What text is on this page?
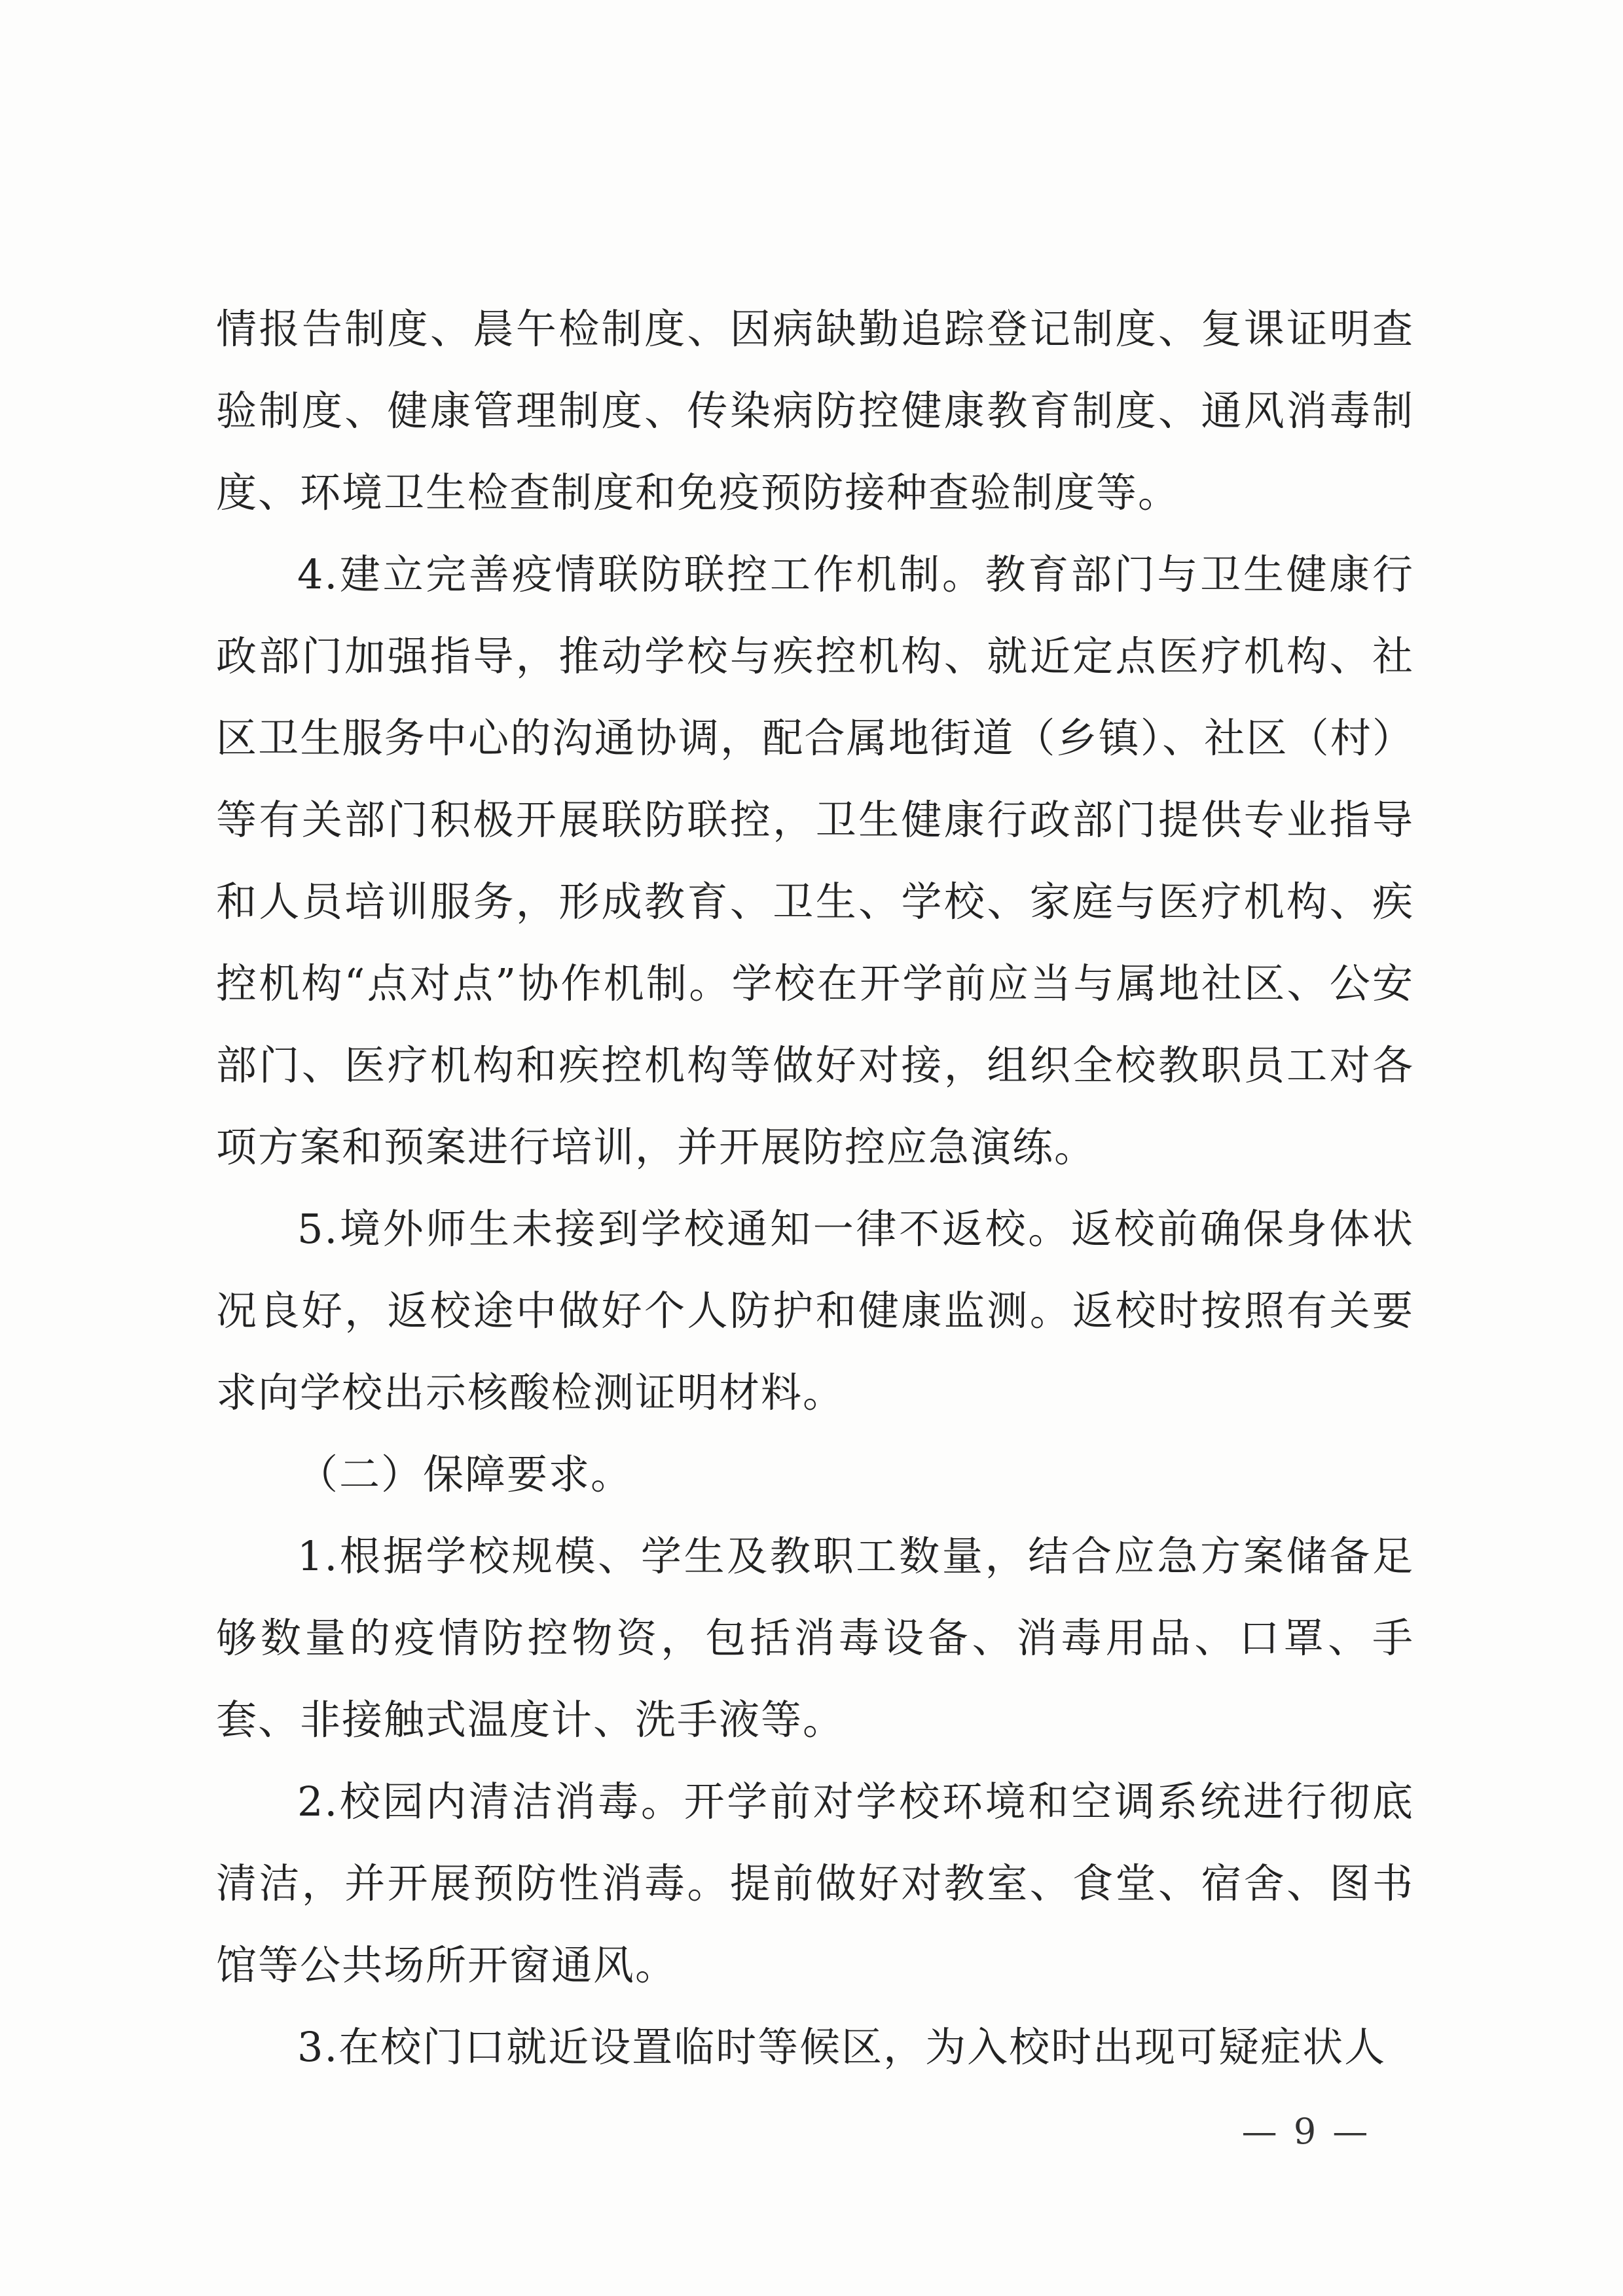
情报告制度、晨午检制度、因病缺勤追踪登记制度、复课证明查验制度、健康管理制度、传染病防控健康教育制度、通风消毒制度、环境卫生检查制度和免疫预防接种查验制度等。

4.建立完善疫情联防联控工作机制。教育部门与卫生健康行政部门加强指导，推动学校与疾控机构、就近定点医疗机构、社区卫生服务中心的沟通协调，配合属地街道（乡镇）、社区（村）等有关部门积极开展联防联控，卫生健康行政部门提供专业指导和人员培训服务，形成教育、卫生、学校、家庭与医疗机构、疾控机构“点对点”协作机制。学校在开学前应当与属地社区、公安部门、医疗机构和疾控机构等做好对接，组织全校教职员工对各项方案和预案进行培训，并开展防控应急演练。

5.境外师生未接到学校通知一律不返校。返校前确保身体状况良好，返校途中做好个人防护和健康监测。返校时按照有关要求向学校出示核酸检测证明材料。

（二）保障要求。

1.根据学校规模、学生及教职工数量，结合应急方案储备足够数量的疫情防控物资，包括消毒设备、消毒用品、口罩、手套、非接触式温度计、洗手液等。

2.校园内清洁消毒。开学前对学校环境和空调系统进行彻底清洁，并开展预防性消毒。提前做好对教室、食堂、宿舍、图书馆等公共场所开窗通风。

3.在校门口就近设置临时等候区，为入校时出现可疑症状人

— 9 —
